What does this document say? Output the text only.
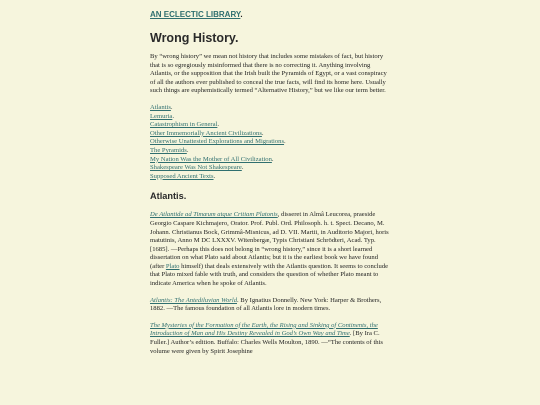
AN ECLECTIC LIBRARY.
Wrong History.

By “wrong history” we mean not history that includes some mistakes of fact, but history that is so egregiously misinformed that there is no correcting it. Anything involving Atlantis, or the supposition that the Irish built the Pyramids of Egypt, or a vast conspiracy of all the authors ever published to conceal the true facts, will find its home here. Usually such things are euphemistically termed “Alternative History,” but we like our term better.

Atlantis.
Lemuria.
Catastrophism in General.
Other Immemorially Ancient Civilizations.
Otherwise Unattested Explorations and Migrations.
The Pyramids.
My Nation Was the Mother of All Civilization.
Shakespeare Was Not Shakespeare.
Supposed Ancient Texts.
Atlantis.

De Atlantide ad Timæum atque Critiam Platonis, disseret in Almâ Leucorea, praeside Georgio Caspare Kichmajero, Orator. Prof. Publ. Ord. Philosoph. h. t. Spect. Decano, M. Johann. Christianus Bock, Grimmâ-Misnicus, ad D. VII. Martii, in Auditorio Majori, horis matutinis, Anno M DC LXXXV. Witenbergæ, Typis Christiani Schrödteri, Acad. Typ. [1685]. —Perhaps this does not belong in “wrong history,” since it is a short learned dissertation on what Plato said about Atlantis; but it is the earliest book we have found (after Plato himself) that deals extensively with the Atlantis question. It seems to conclude that Plato mixed fable with truth, and considers the question of whether Plato meant to indicate America when he spoke of Atlantis.

Atlantis: The Antediluvian World. By Ignatius Donnelly. New York: Harper & Brothers, 1882. —The famous foundation of all Atlantis lore in modern times.

The Mysteries of the Formation of the Earth, the Rising and Sinking of Continents, the Introduction of Man and His Destiny Revealed in God’s Own Way and Time. [By Ira C. Fuller.] Author’s edition. Buffalo: Charles Wells Moulton, 1890. —“The contents of this volume were given by Spirit Josephine
